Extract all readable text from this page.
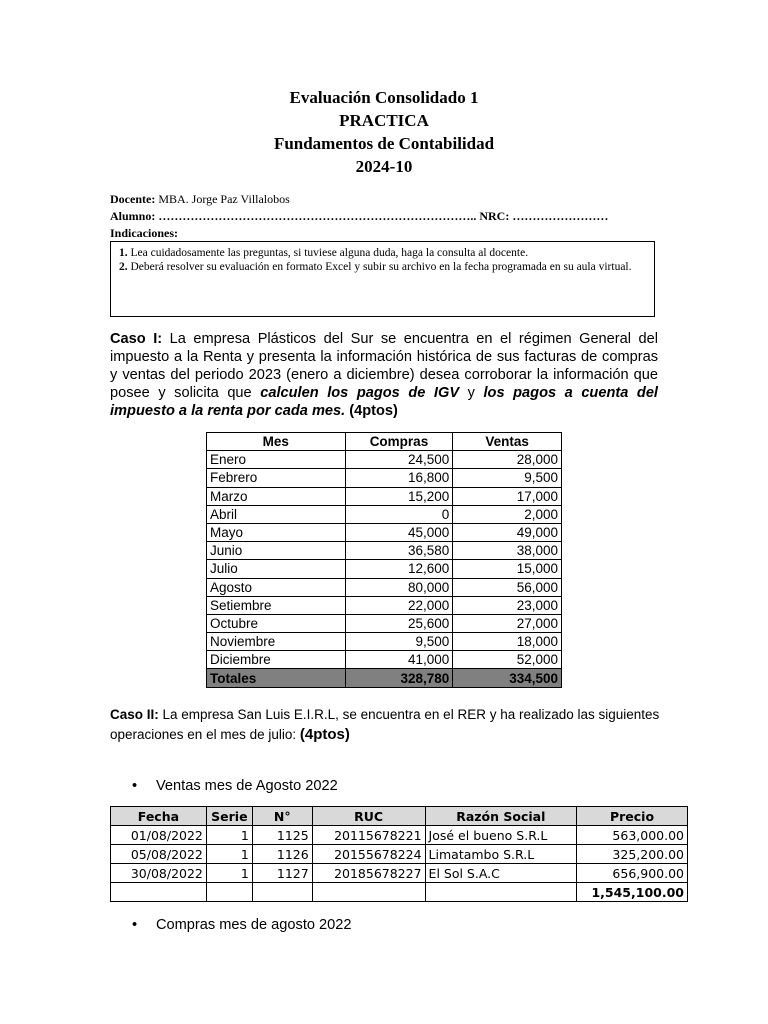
Evaluación Consolidado 1
PRACTICA
Fundamentos de Contabilidad
2024-10
Docente: MBA. Jorge Paz Villalobos
Alumno: …………………………………………………………………….. NRC: ……………………
Indicaciones:

1. Lea cuidadosamente las preguntas, si tuviese alguna duda, haga la consulta al docente.

2. Deberá resolver su evaluación en formato Excel y subir su archivo en la fecha programada en su aula virtual.

Caso I: La empresa Plásticos del Sur se encuentra en el régimen General del impuesto a la Renta y presenta la información histórica de sus facturas de compras y ventas del periodo 2023 (enero a diciembre) desea corroborar la información que posee y solicita que calculen los pagos de IGV y los pagos a cuenta del impuesto a la renta por cada mes. (4ptos)
Mes	Compras	Ventas
Enero	24,500	28,000
Febrero	16,800	9,500
Marzo	15,200	17,000
Abril	0	2,000
Mayo	45,000	49,000
Junio	36,580	38,000
Julio	12,600	15,000
Agosto	80,000	56,000
Setiembre	22,000	23,000
Octubre	25,600	27,000
Noviembre	9,500	18,000
Diciembre	41,000	52,000
Totales	328,780	334,500
Caso II: La empresa San Luis E.I.R.L, se encuentra en el RER y ha realizado las siguientes operaciones en el mes de julio: (4ptos)
• Ventas mes de Agosto 2022
Fecha	Serie	N°	RUC	Razón Social	Precio
01/08/2022	1	1125	20115678221	José el bueno S.R.L	563,000.00
05/08/2022	1	1126	20155678224	Limatambo S.R.L	325,200.00
30/08/2022	1	1127	20185678227	El Sol S.A.C	656,900.00
					1,545,100.00
• Compras mes de agosto 2022
